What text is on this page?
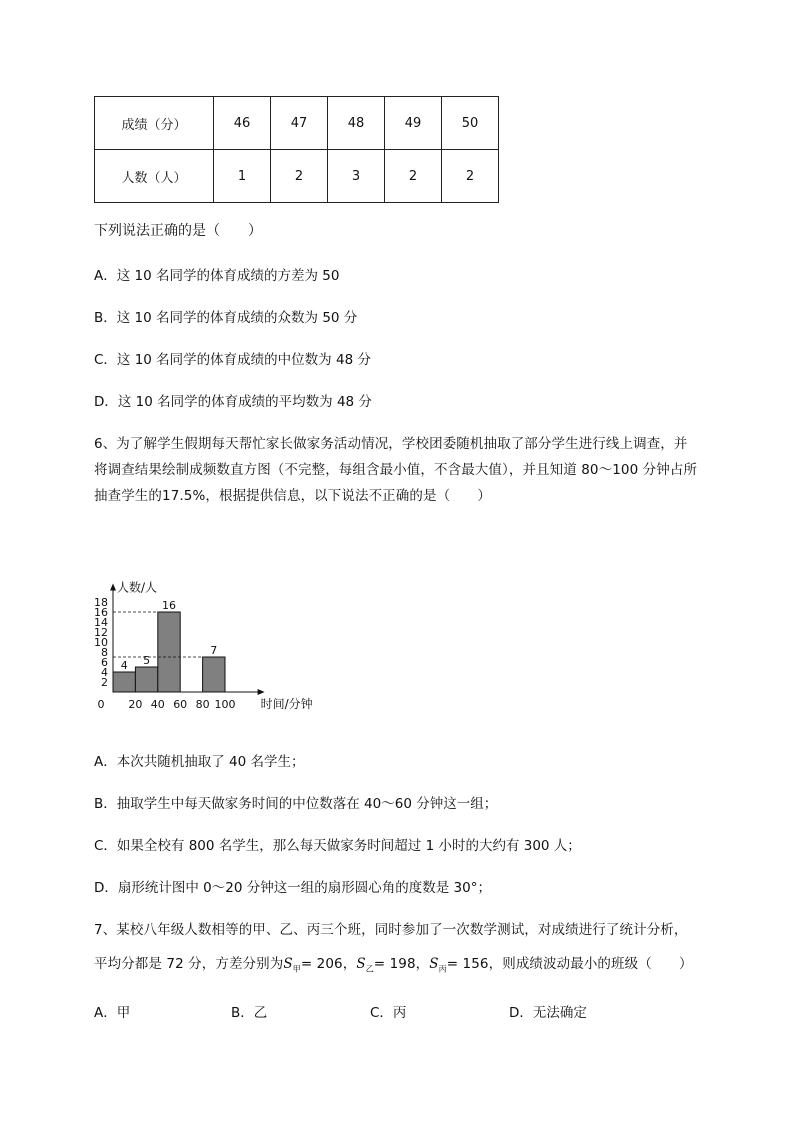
成绩（分）	46	47	48	49	50
人数（人）	1	2	3	2	2
下列说法正确的是（　　）
A．这 10 名同学的体育成绩的方差为 50
B．这 10 名同学的体育成绩的众数为 50 分
C．这 10 名同学的体育成绩的中位数为 48 分
D．这 10 名同学的体育成绩的平均数为 48 分
6、为了解学生假期每天帮忙家长做家务活动情况，学校团委随机抽取了部分学生进行线上调查，并
将调查结果绘制成频数直方图（不完整，每组含最小值，不含最大值），并且知道 80～100 分钟占所
抽查学生的17.5%，根据提供信息，以下说法不正确的是（　　）
2
4
6
8
10
12
14
16
18
0 20 40 60 80 100
人数/人
时间/分钟
4 5
16
7
A．本次共随机抽取了 40 名学生；
B．抽取学生中每天做家务时间的中位数落在 40～60 分钟这一组；
C．如果全校有 800 名学生，那么每天做家务时间超过 1 小时的大约有 300 人；
D．扇形统计图中 0～20 分钟这一组的扇形圆心角的度数是 30°；
7、某校八年级人数相等的甲、乙、丙三个班，同时参加了一次数学测试，对成绩进行了统计分析，
平均分都是 72 分，方差分别为$S_甲= 206$，$S_乙= 198$，$S_丙= 156$，则成绩波动最小的班级（　　）
A．甲	B．乙	C．丙	D．无法确定
